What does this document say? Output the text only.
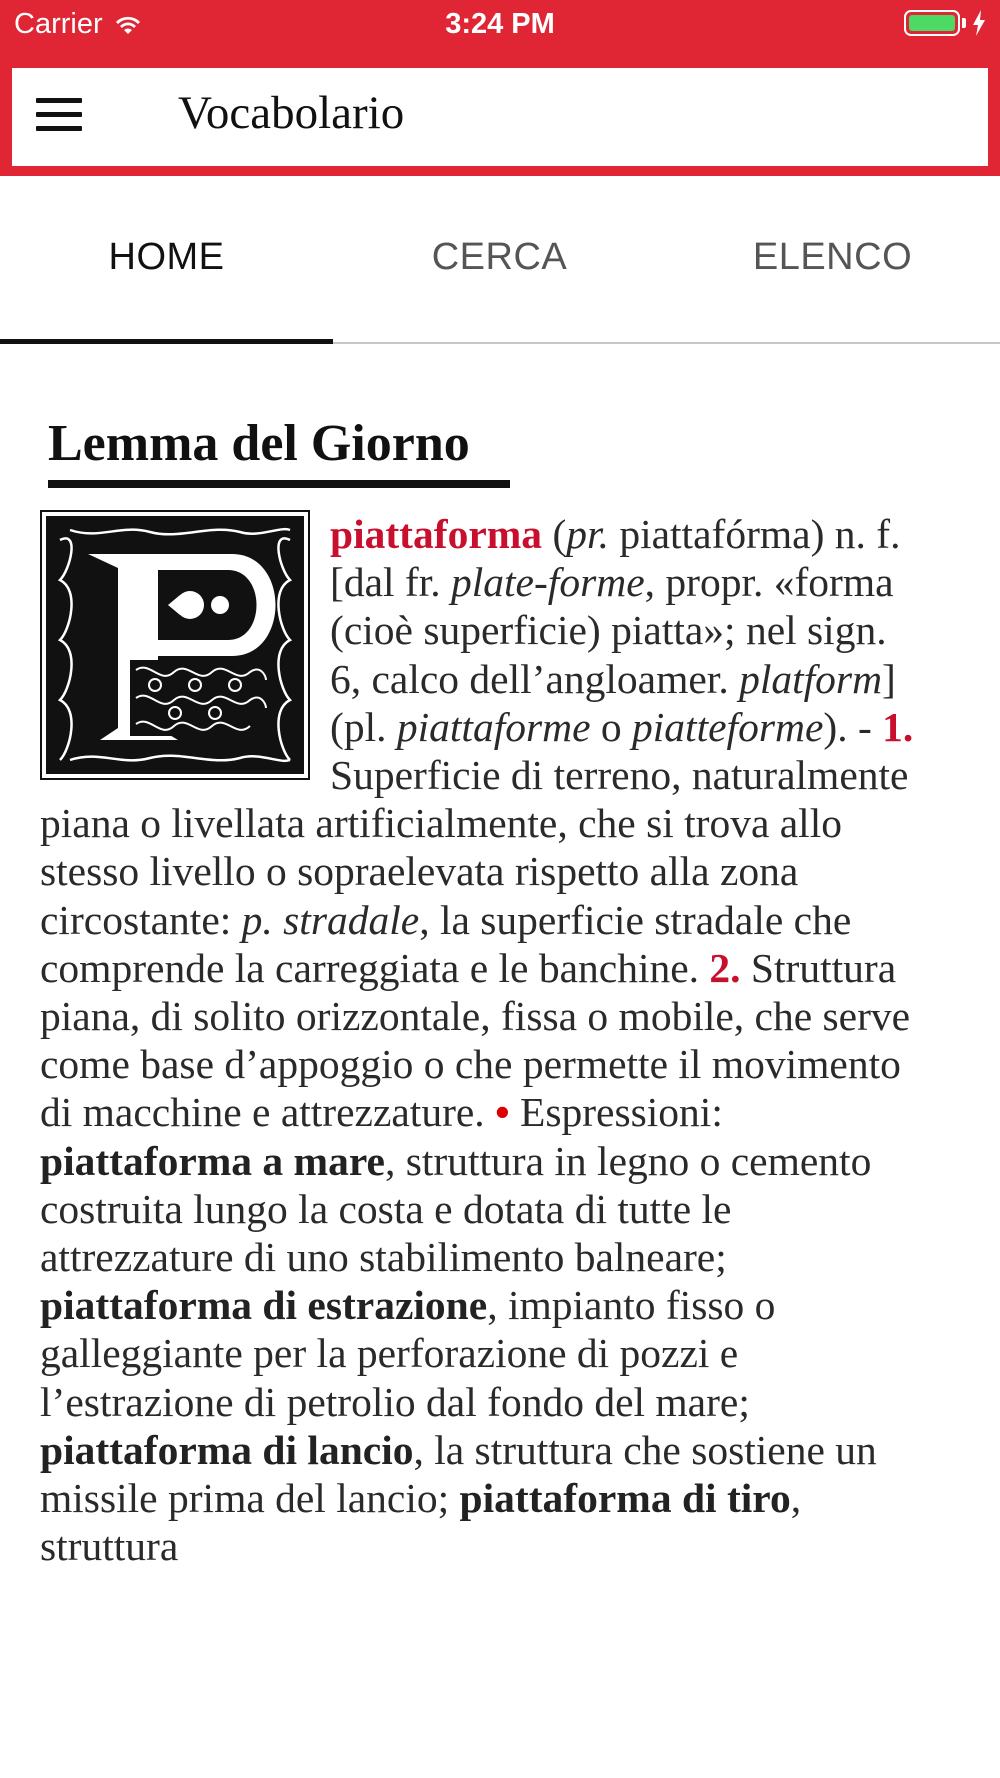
Carrier	3:24 PM
Vocabolario
HOME	CERCA	ELENCO
Lemma del Giorno
piattaforma (pr. piattafórma) n. f. [dal fr. plate-forme, propr. «forma (cioè superficie) piatta»; nel sign. 6, calco dell’angloamer. platform] (pl. piattaforme o piatteforme). - 1. Superficie di terreno, naturalmente piana o livellata artificialmente, che si trova allo stesso livello o sopraelevata rispetto alla zona circostante: p. stradale, la superficie stradale che comprende la carreggiata e le banchine. 2. Struttura piana, di solito orizzontale, fissa o mobile, che serve come base d’appoggio o che permette il movimento di macchine e attrezzature. • Espressioni: piattaforma a mare, struttura in legno o cemento costruita lungo la costa e dotata di tutte le attrezzature di uno stabilimento balneare; piattaforma di estrazione, impianto fisso o galleggiante per la perforazione di pozzi e l’estrazione di petrolio dal fondo del mare; piattaforma di lancio, la struttura che sostiene un missile prima del lancio; piattaforma di tiro, struttura
